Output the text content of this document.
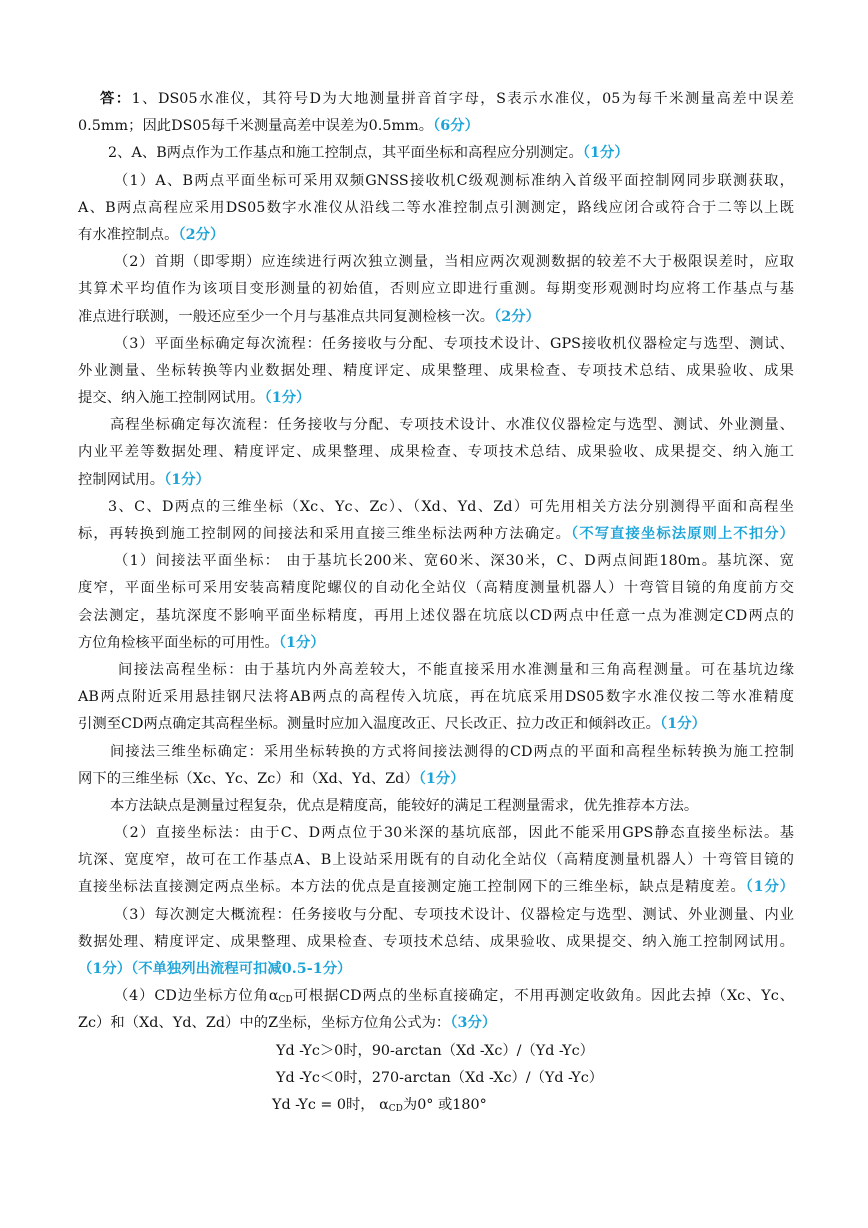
答：1、DS05水准仪，其符号D为大地测量拼音首字母，S表示水准仪，05为每千米测量高差中误差

0.5mm；因此DS05每千米测量高差中误差为0.5mm。（6分）

2、A、B两点作为工作基点和施工控制点，其平面坐标和高程应分别测定。（1分）

（1）A、B两点平面坐标可采用双频GNSS接收机C级观测标准纳入首级平面控制网同步联测获取，

A、B两点高程应采用DS05数字水准仪从沿线二等水准控制点引测测定，路线应闭合或符合于二等以上既

有水准控制点。（2分）

（2）首期（即零期）应连续进行两次独立测量，当相应两次观测数据的较差不大于极限误差时，应取

其算术平均值作为该项目变形测量的初始值，否则应立即进行重测。每期变形观测时均应将工作基点与基

准点进行联测，一般还应至少一个月与基准点共同复测检核一次。（2分）

（3）平面坐标确定每次流程：任务接收与分配、专项技术设计、GPS接收机仪器检定与选型、测试、

外业测量、坐标转换等内业数据处理、精度评定、成果整理、成果检查、专项技术总结、成果验收、成果

提交、纳入施工控制网试用。（1分）

高程坐标确定每次流程：任务接收与分配、专项技术设计、水准仪仪器检定与选型、测试、外业测量、

内业平差等数据处理、精度评定、成果整理、成果检查、专项技术总结、成果验收、成果提交、纳入施工

控制网试用。（1分）

3、C、D两点的三维坐标（Xc、Yc、Zc）、（Xd、Yd、Zd）可先用相关方法分别测得平面和高程坐

标，再转换到施工控制网的间接法和采用直接三维坐标法两种方法确定。（不写直接坐标法原则上不扣分）

（1）间接法平面坐标： 由于基坑长200米、宽60米、深30米，C、D两点间距180m。基坑深、宽

度窄，平面坐标可采用安装高精度陀螺仪的自动化全站仪（高精度测量机器人）十弯管目镜的角度前方交

会法测定，基坑深度不影响平面坐标精度，再用上述仪器在坑底以CD两点中任意一点为准测定CD两点的

方位角检核平面坐标的可用性。（1分）

间接法高程坐标：由于基坑内外高差较大，不能直接采用水准测量和三角高程测量。可在基坑边缘

AB两点附近采用悬挂钢尺法将AB两点的高程传入坑底，再在坑底采用DS05数字水准仪按二等水准精度

引测至CD两点确定其高程坐标。测量时应加入温度改正、尺长改正、拉力改正和倾斜改正。（1分）

间接法三维坐标确定：采用坐标转换的方式将间接法测得的CD两点的平面和高程坐标转换为施工控制

网下的三维坐标（Xc、Yc、Zc）和（Xd、Yd、Zd）（1分）

本方法缺点是测量过程复杂，优点是精度高，能较好的满足工程测量需求，优先推荐本方法。

（2）直接坐标法：由于C、D两点位于30米深的基坑底部，因此不能采用GPS静态直接坐标法。基

坑深、宽度窄，故可在工作基点A、B上设站采用既有的自动化全站仪（高精度测量机器人）十弯管目镜的

直接坐标法直接测定两点坐标。本方法的优点是直接测定施工控制网下的三维坐标，缺点是精度差。（1分）

（3）每次测定大概流程：任务接收与分配、专项技术设计、仪器检定与选型、测试、外业测量、内业

数据处理、精度评定、成果整理、成果检查、专项技术总结、成果验收、成果提交、纳入施工控制网试用。

（1分）（不单独列出流程可扣减0.5-1分）

（4）CD边坐标方位角$\alpha_{CD}$可根据CD两点的坐标直接确定，不用再测定收敛角。因此去掉（Xc、Yc、

Zc）和（Xd、Yd、Zd）中的Z坐标，坐标方位角公式为：（3分）

Yd -Yc＞0时，90-arctan（Xd -Xc）/（Yd -Yc）

Yd -Yc＜0时，270-arctan（Xd -Xc）/（Yd -Yc）

Yd -Yc = 0时， $\alpha_{CD}$为0° 或180°
